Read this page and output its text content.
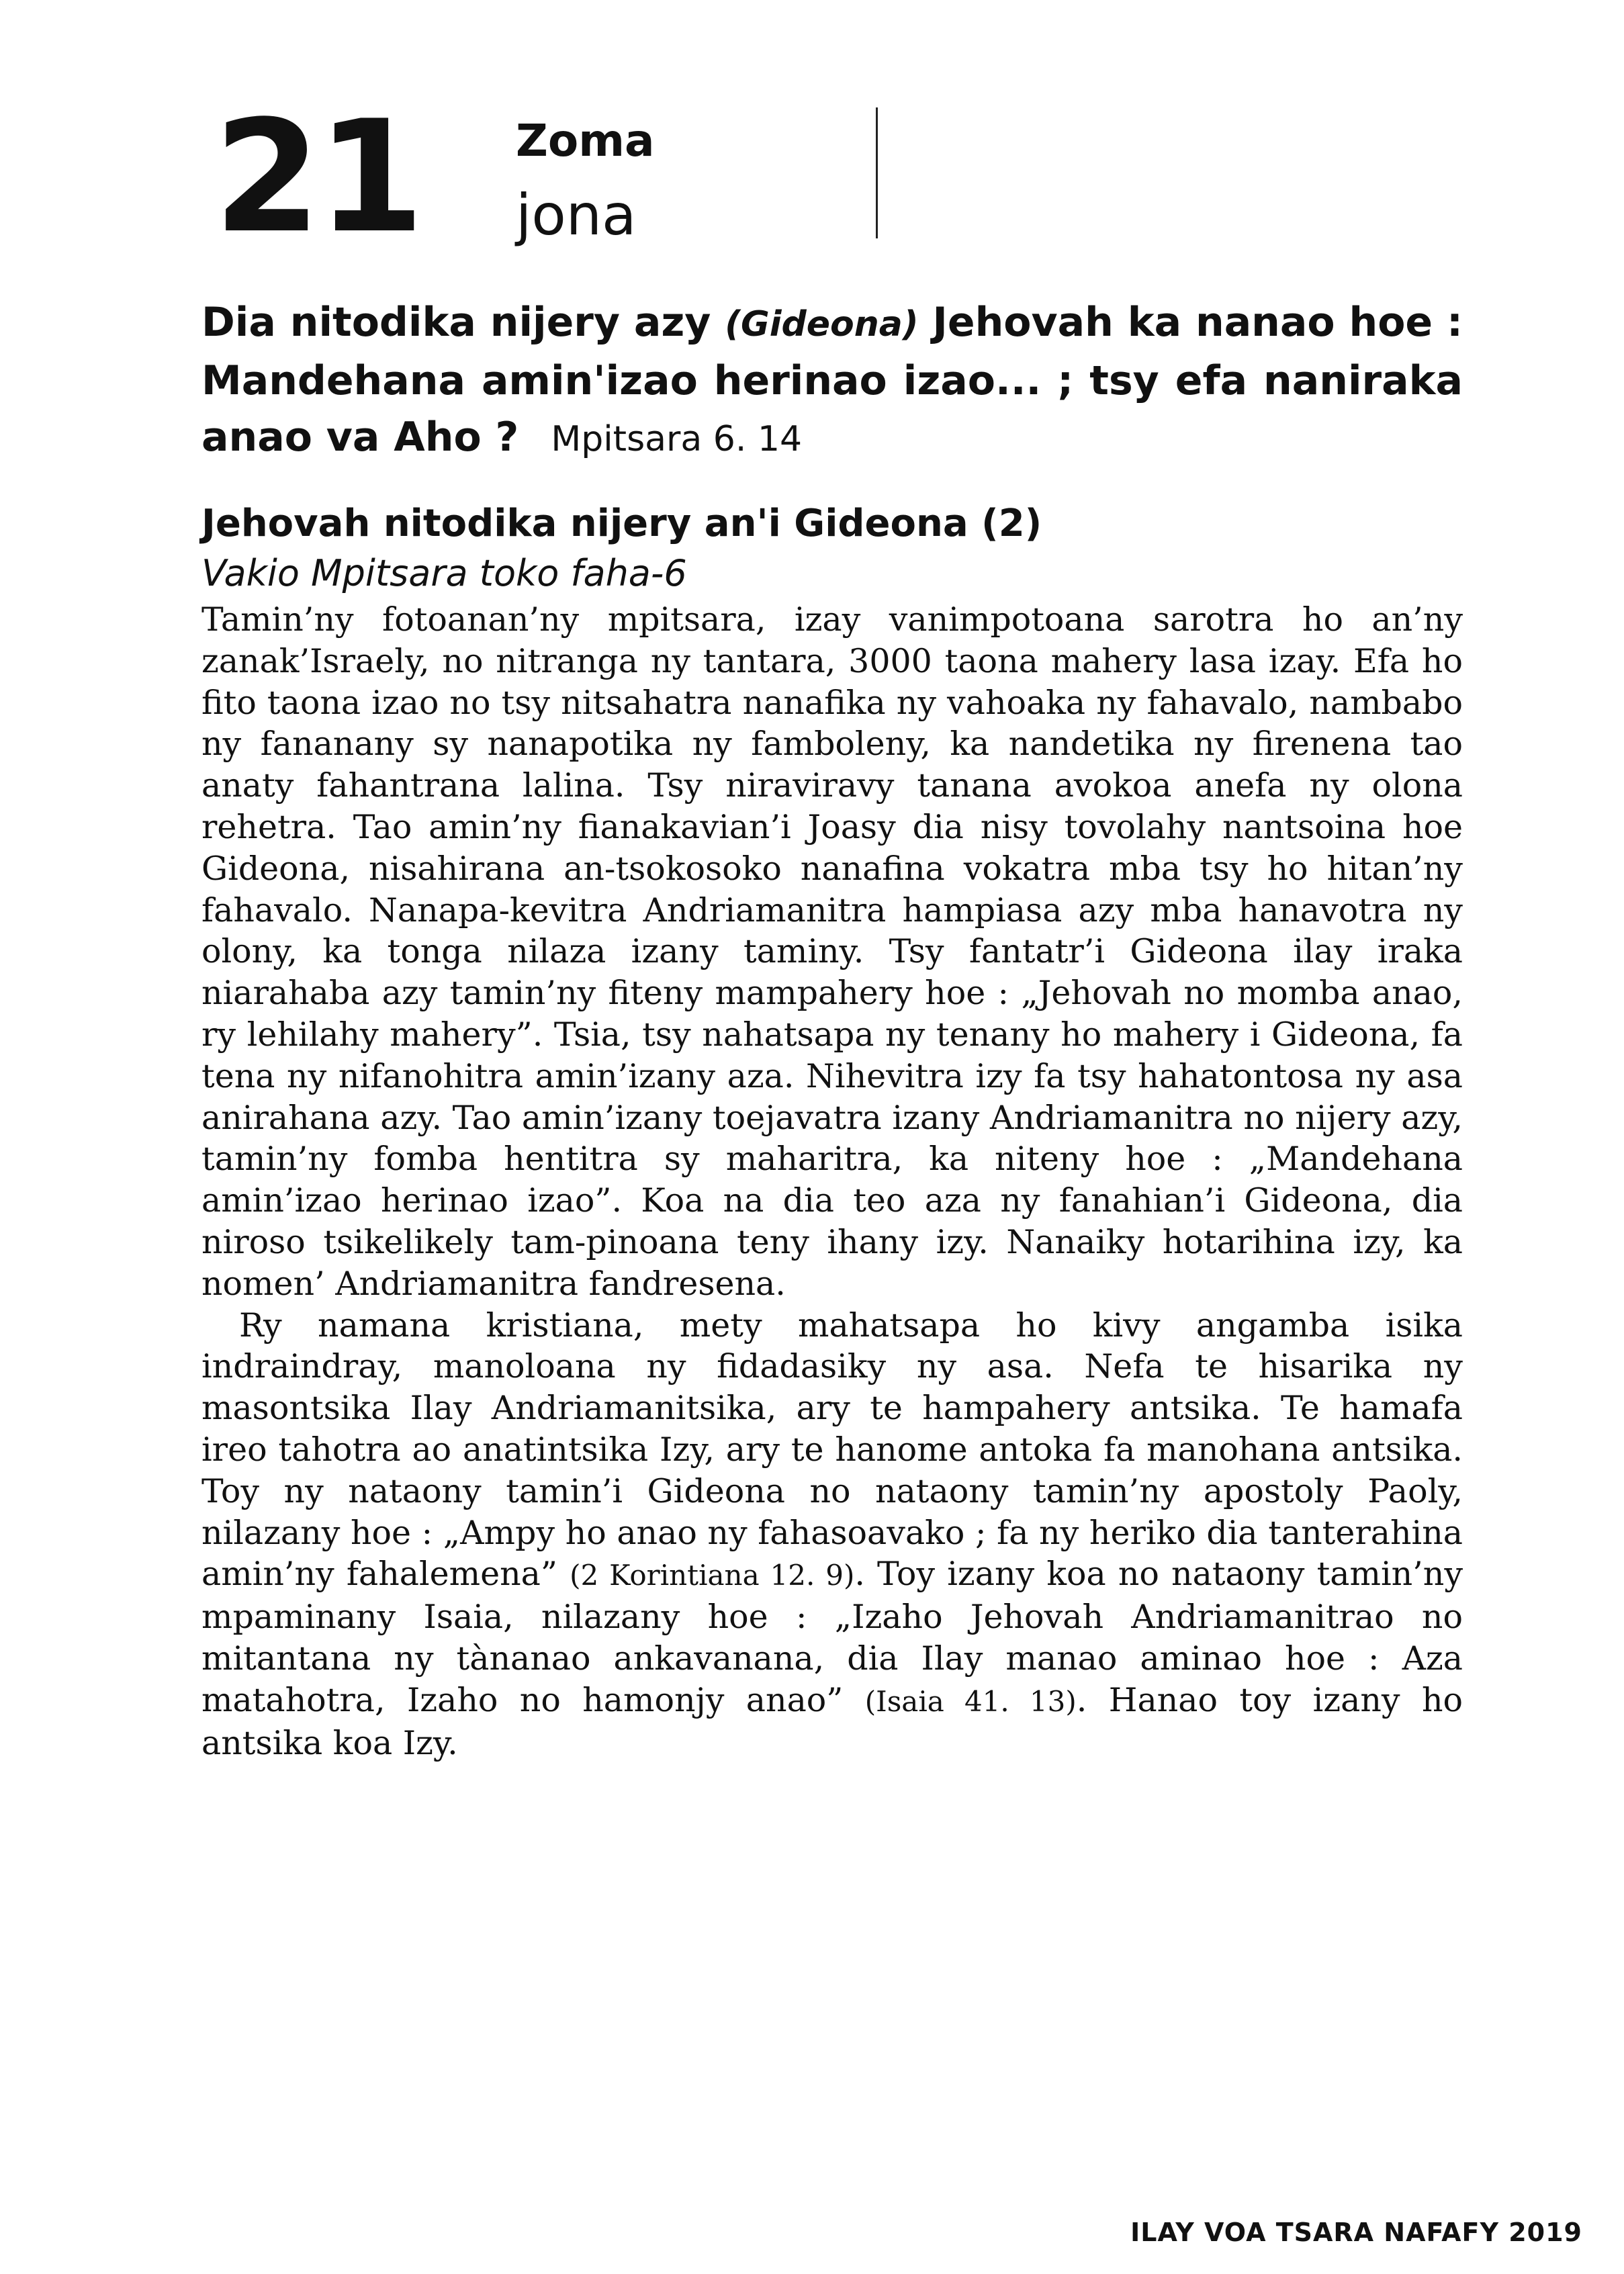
21 Zoma
jona
Dia nitodika nijery azy (Gideona) Jehovah ka nanao hoe : Mandehana amin'izao herinao izao... ; tsy efa naniraka anao va Aho ? Mpitsara 6. 14
Jehovah nitodika nijery an'i Gideona (2)
Vakio Mpitsara toko faha-6

Tamin’ny fotoanan’ny mpitsara, izay vanimpotoana sarotra ho an’ny zanak’Israely, no nitranga ny tantara, 3000 taona mahery lasa izay. Efa ho fito taona izao no tsy nitsahatra nanafika ny vahoaka ny fahavalo, nambabo ny fananany sy nanapotika ny famboleny, ka nandetika ny firenena tao anaty fahantrana lalina. Tsy niraviravy tanana avokoa anefa ny olona rehetra. Tao amin’ny fianakavian’i Joasy dia nisy tovolahy nantsoina hoe Gideona, nisahirana an-tsokosoko nanafina vokatra mba tsy ho hitan’ny fahavalo. Nanapa-kevitra Andriamanitra hampiasa azy mba hanavotra ny olony, ka tonga nilaza izany taminy. Tsy fantatr’i Gideona ilay iraka niarahaba azy tamin’ny fiteny mampahery hoe : „Jehovah no momba anao, ry lehilahy mahery”. Tsia, tsy nahatsapa ny tenany ho mahery i Gideona, fa tena ny nifanohitra amin’izany aza. Nihevitra izy fa tsy hahatontosa ny asa anirahana azy. Tao amin’izany toejavatra izany Andriamanitra no nijery azy, tamin’ny fomba hentitra sy maharitra, ka niteny hoe : „Mandehana amin’izao herinao izao”. Koa na dia teo aza ny fanahian’i Gideona, dia niroso tsikelikely tam-pinoana teny ihany izy. Nanaiky hotarihina izy, ka nomen’ Andriamanitra fandresena.

Ry namana kristiana, mety mahatsapa ho kivy angamba isika indraindray, manoloana ny fidadasiky ny asa. Nefa te hisarika ny masontsika Ilay Andriamanitsika, ary te hampahery antsika. Te hamafa ireo tahotra ao anatintsika Izy, ary te hanome antoka fa manohana antsika. Toy ny nataony tamin’i Gideona no nataony tamin’ny apostoly Paoly, nilazany hoe : „Ampy ho anao ny fahasoavako ; fa ny heriko dia tanterahina amin’ny fahalemena” (2 Korintiana 12. 9). Toy izany koa no nataony tamin’ny mpaminany Isaia, nilazany hoe : „Izaho Jehovah Andriamanitrao no mitantana ny tànanao ankavanana, dia Ilay manao aminao hoe : Aza matahotra, Izaho no hamonjy anao” (Isaia 41. 13). Hanao toy izany ho antsika koa Izy.

ILAY VOA TSARA NAFAFY 2019
